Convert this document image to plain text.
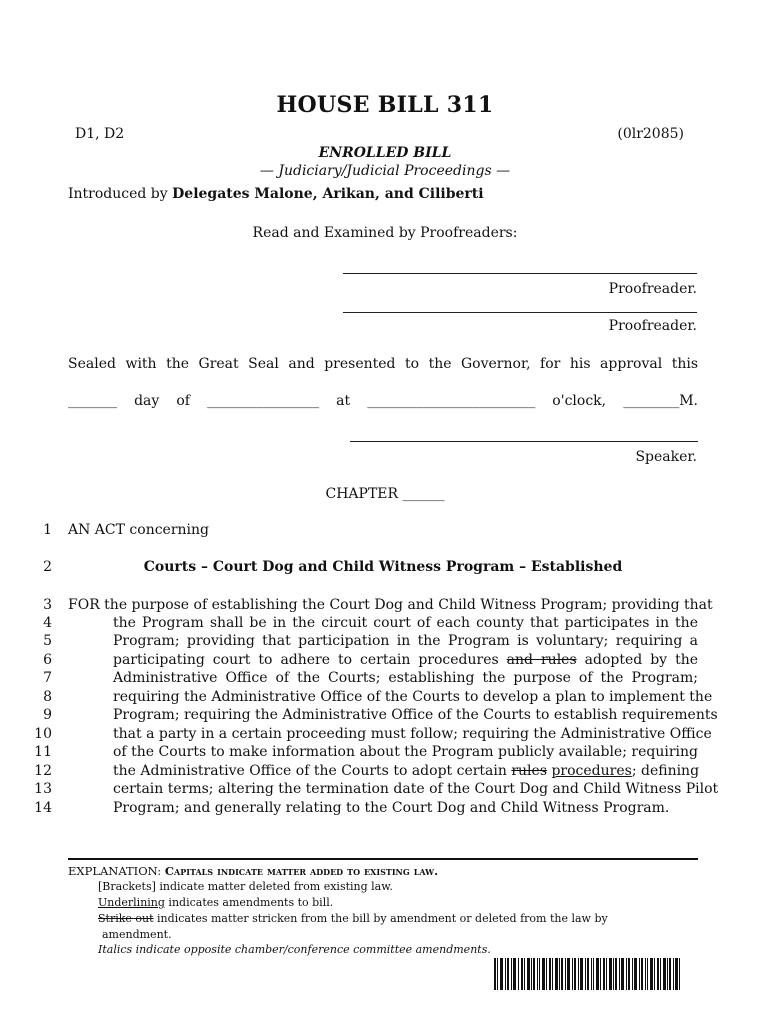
HOUSE BILL 311
D1, D2	(0lr2085)
ENROLLED BILL
— Judiciary/Judicial Proceedings —
Introduced by Delegates Malone, Arikan, and Ciliberti
Read and Examined by Proofreaders:
Proofreader.
Proofreader.
Sealed with the Great Seal and presented to the Governor, for his approval this
_______ day of ________________ at ________________________ o'clock, ________M.
Speaker.
CHAPTER ______
1 AN ACT concerning
2	Courts – Court Dog and Child Witness Program – Established
3 FOR the purpose of establishing the Court Dog and Child Witness Program; providing that
4	the Program shall be in the circuit court of each county that participates in the
5	Program; providing that participation in the Program is voluntary; requiring a
6	participating court to adhere to certain procedures and rules adopted by the
7	Administrative Office of the Courts; establishing the purpose of the Program;
8	requiring the Administrative Office of the Courts to develop a plan to implement the
9	Program; requiring the Administrative Office of the Courts to establish requirements
10	that a party in a certain proceeding must follow; requiring the Administrative Office
11	of the Courts to make information about the Program publicly available; requiring
12	the Administrative Office of the Courts to adopt certain rules procedures; defining
13	certain terms; altering the termination date of the Court Dog and Child Witness Pilot
14	Program; and generally relating to the Court Dog and Child Witness Program.
EXPLANATION: Capitals indicate matter added to existing law.
[Brackets] indicate matter deleted from existing law.
Underlining indicates amendments to bill.
Strike out indicates matter stricken from the bill by amendment or deleted from the law by
amendment.
Italics indicate opposite chamber/conference committee amendments.
